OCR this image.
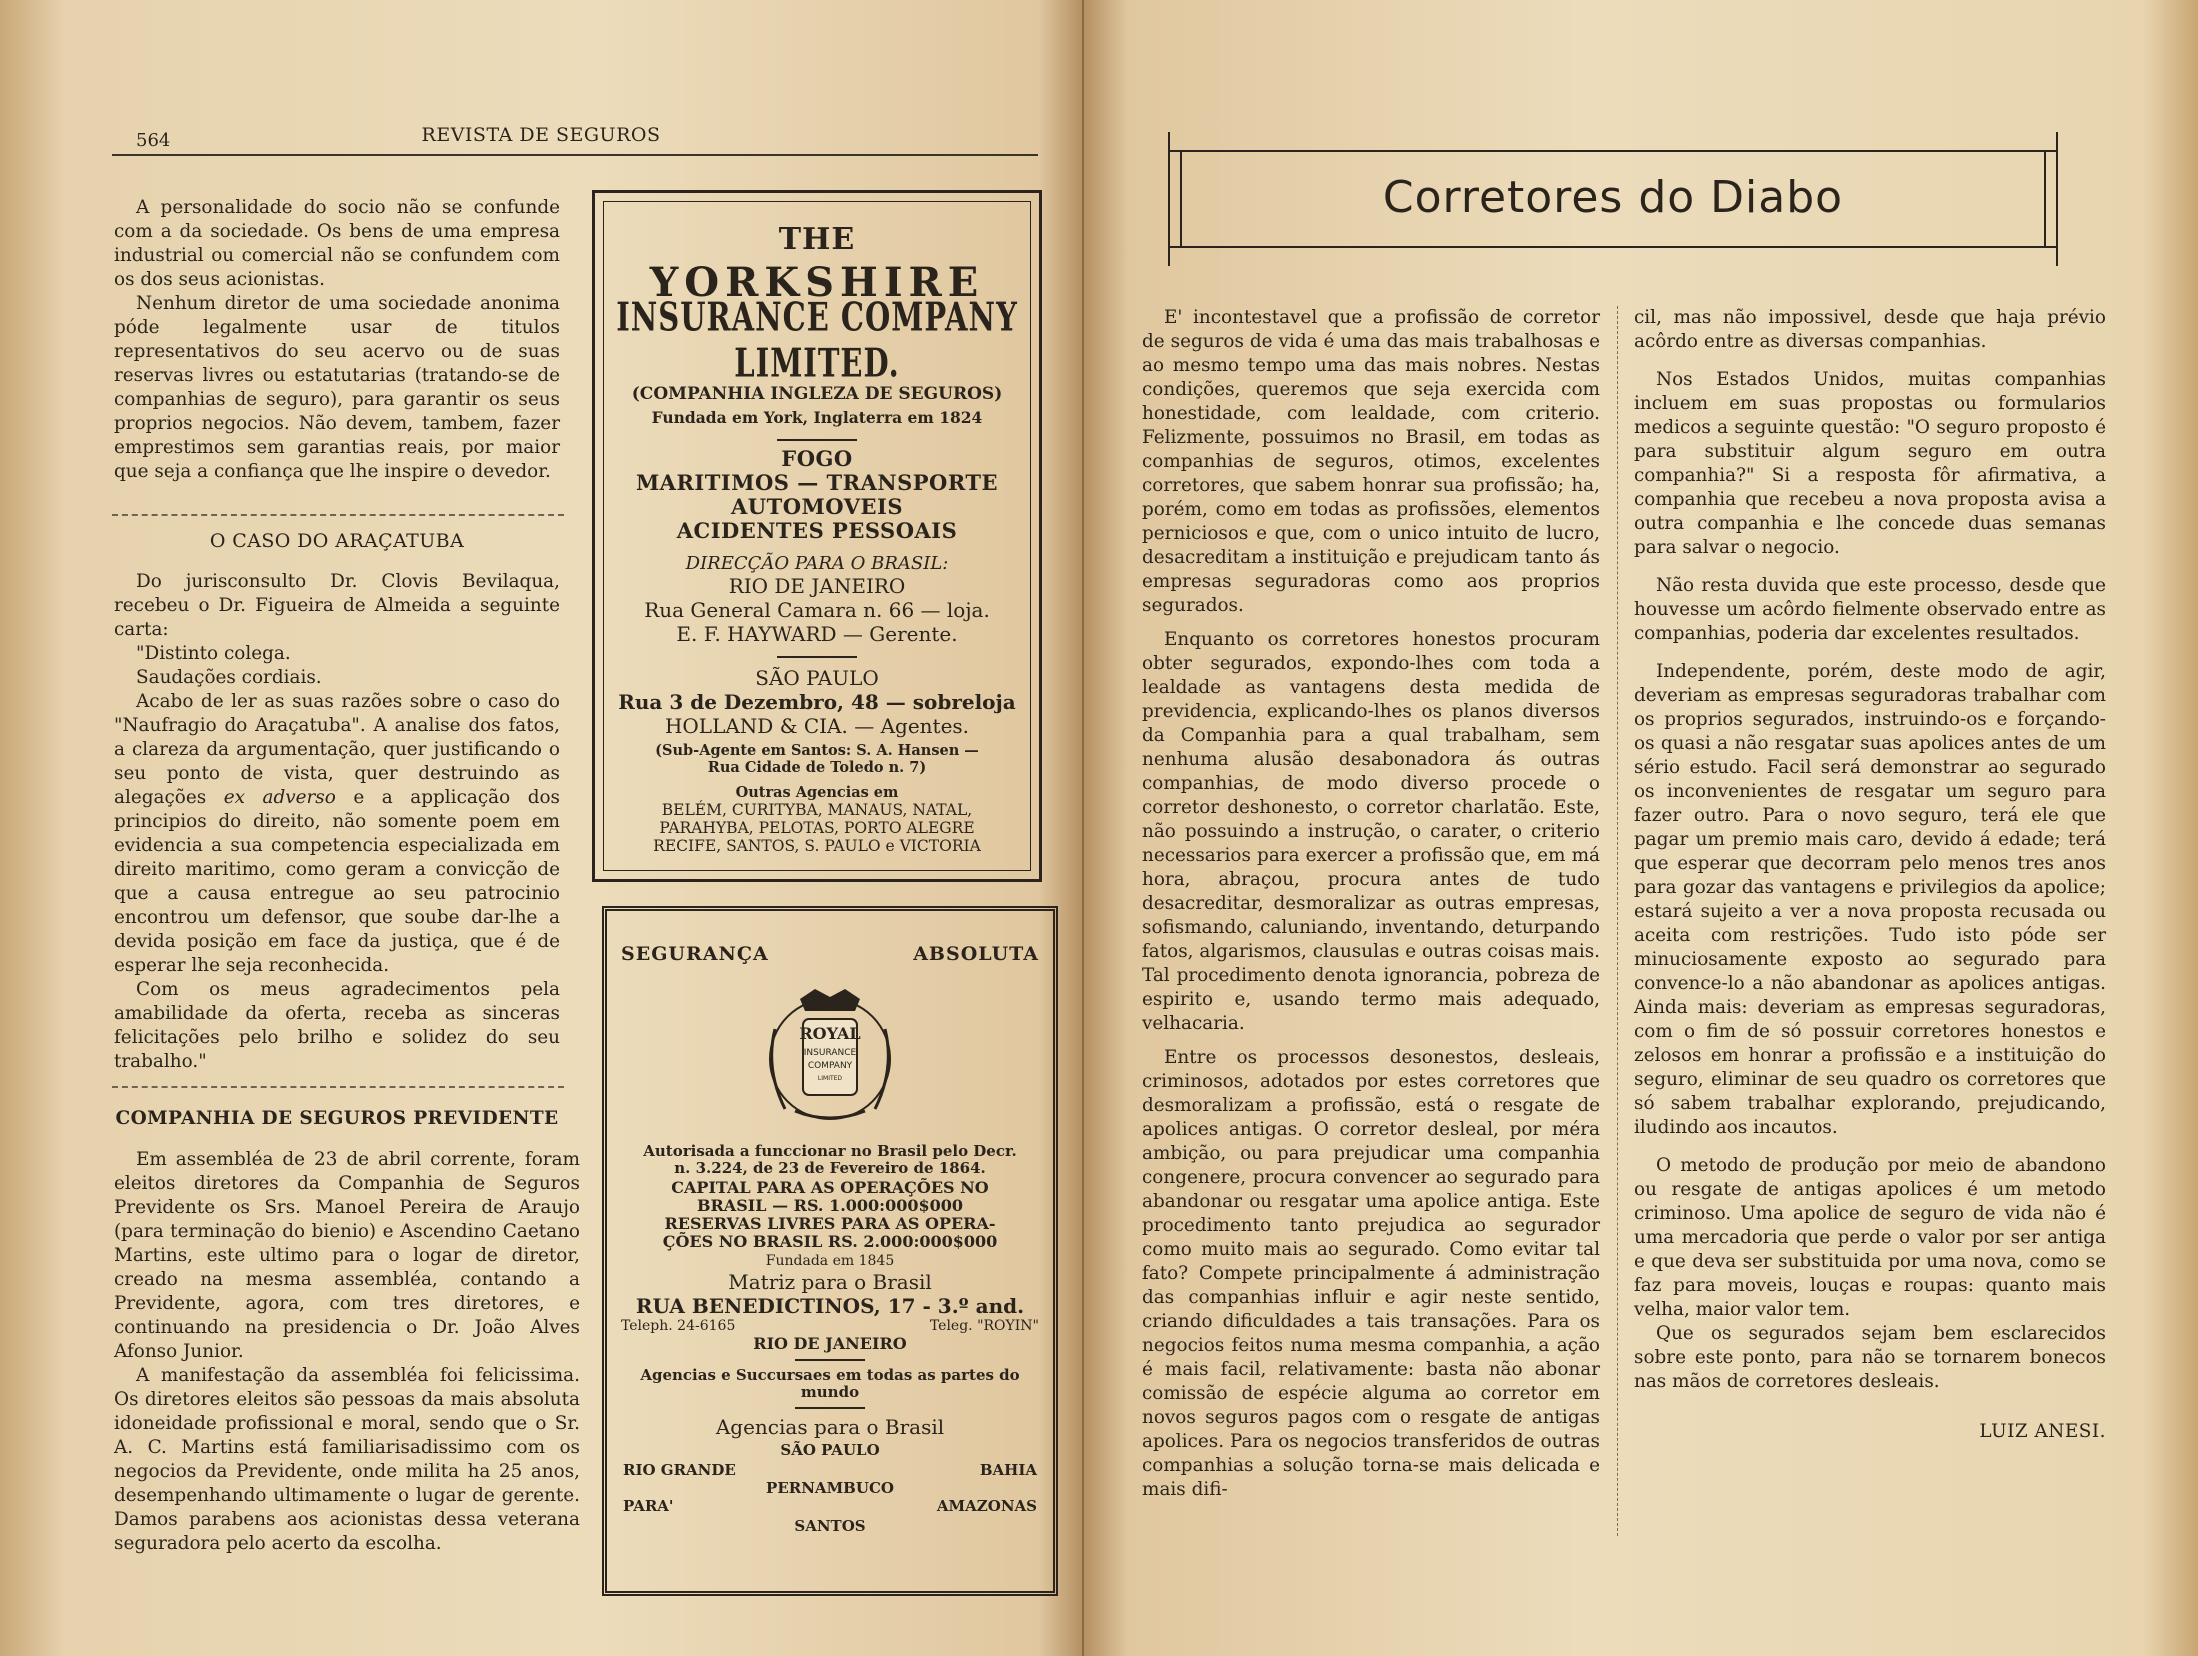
564	REVISTA DE SEGUROS

A personalidade do socio não se confunde com a da sociedade. Os bens de uma empresa industrial ou comercial não se confundem com os dos seus acionistas.

Nenhum diretor de uma sociedade anonima póde legalmente usar de titulos representativos do seu acervo ou de suas reservas livres ou estatutarias (tratando-se de companhias de seguro), para garantir os seus proprios negocios. Não devem, tambem, fazer emprestimos sem garantias reais, por maior que seja a confiança que lhe inspire o devedor.

O CASO DO ARAÇATUBA

Do jurisconsulto Dr. Clovis Bevilaqua, recebeu o Dr. Figueira de Almeida a seguinte carta:

"Distinto colega.

Saudações cordiais.

Acabo de ler as suas razões sobre o caso do "Naufragio do Araçatuba". A analise dos fatos, a clareza da argumentação, quer justificando o seu ponto de vista, quer destruindo as alegações ex adverso e a applicação dos principios do direito, não somente poem em evidencia a sua competencia especializada em direito maritimo, como geram a convicção de que a causa entregue ao seu patrocinio encontrou um defensor, que soube dar-lhe a devida posição em face da justiça, que é de esperar lhe seja reconhecida.

Com os meus agradecimentos pela amabilidade da oferta, receba as sinceras felicitações pelo brilho e solidez do seu trabalho."

COMPANHIA DE SEGUROS PREVIDENTE

Em assembléa de 23 de abril corrente, foram eleitos diretores da Companhia de Seguros Previdente os Srs. Manoel Pereira de Araujo (para terminação do bienio) e Ascendino Caetano Martins, este ultimo para o logar de diretor, creado na mesma assembléa, contando a Previdente, agora, com tres diretores, e continuando na presidencia o Dr. João Alves Afonso Junior.

A manifestação da assembléa foi felicissima. Os diretores eleitos são pessoas da mais absoluta idoneidade profissional e moral, sendo que o Sr. A. C. Martins está familiarisadissimo com os negocios da Previdente, onde milita ha 25 anos, desempenhando ultimamente o lugar de gerente. Damos parabens aos acionistas dessa veterana seguradora pelo acerto da escolha.

THE
YORKSHIRE
INSURANCE COMPANY LIMITED.
(COMPANHIA INGLEZA DE SEGUROS)
Fundada em York, Inglaterra em 1824
FOGO
MARITIMOS — TRANSPORTE
AUTOMOVEIS
ACIDENTES PESSOAIS
DIRECÇÃO PARA O BRASIL:
RIO DE JANEIRO
Rua General Camara n. 66 — loja.
E. F. HAYWARD — Gerente.
SÃO PAULO
Rua 3 de Dezembro, 48 — sobreloja
HOLLAND & CIA. — Agentes.
(Sub-Agente em Santos: S. A. Hansen —
Rua Cidade de Toledo n. 7)
Outras Agencias em
BELÉM, CURITYBA, MANAUS, NATAL,
PARAHYBA, PELOTAS, PORTO ALEGRE
RECIFE, SANTOS, S. PAULO e VICTORIA
SEGURANÇA	ABSOLUTA
ROYAL
INSURANCE
COMPANY
LIMITED
Autorisada a funccionar no Brasil pelo Decr.
n. 3.224, de 23 de Fevereiro de 1864.
CAPITAL PARA AS OPERAÇÕES NO
BRASIL — RS. 1.000:000$000
RESERVAS LIVRES PARA AS OPERA-
ÇÕES NO BRASIL RS. 2.000:000$000
Fundada em 1845
Matriz para o Brasil
RUA BENEDICTINOS, 17 - 3.º and.
Teleph. 24-6165	Teleg. "ROYIN"
RIO DE JANEIRO
Agencias e Succursaes em todas as partes do
mundo
Agencias para o Brasil
SÃO PAULO
RIO GRANDE	BAHIA
PERNAMBUCO
PARA'	AMAZONAS
SANTOS
Corretores do Diabo

E' incontestavel que a profissão de corretor de seguros de vida é uma das mais trabalhosas e ao mesmo tempo uma das mais nobres. Nestas condições, queremos que seja exercida com honestidade, com lealdade, com criterio. Felizmente, possuimos no Brasil, em todas as companhias de seguros, otimos, excelentes corretores, que sabem honrar sua profissão; ha, porém, como em todas as profissões, elementos perniciosos e que, com o unico intuito de lucro, desacreditam a instituição e prejudicam tanto ás empresas seguradoras como aos proprios segurados.

Enquanto os corretores honestos procuram obter segurados, expondo-lhes com toda a lealdade as vantagens desta medida de previdencia, explicando-lhes os planos diversos da Companhia para a qual trabalham, sem nenhuma alusão desabonadora ás outras companhias, de modo diverso procede o corretor deshonesto, o corretor charlatão. Este, não possuindo a instrução, o carater, o criterio necessarios para exercer a profissão que, em má hora, abraçou, procura antes de tudo desacreditar, desmoralizar as outras empresas, sofismando, caluniando, inventando, deturpando fatos, algarismos, clausulas e outras coisas mais. Tal procedimento denota ignorancia, pobreza de espirito e, usando termo mais adequado, velhacaria.

Entre os processos desonestos, desleais, criminosos, adotados por estes corretores que desmoralizam a profissão, está o resgate de apolices antigas. O corretor desleal, por méra ambição, ou para prejudicar uma companhia congenere, procura convencer ao segurado para abandonar ou resgatar uma apolice antiga. Este procedimento tanto prejudica ao segurador como muito mais ao segurado. Como evitar tal fato? Compete principalmente á administração das companhias influir e agir neste sentido, criando dificuldades a tais transações. Para os negocios feitos numa mesma companhia, a ação é mais facil, relativamente: basta não abonar comissão de espécie alguma ao corretor em novos seguros pagos com o resgate de antigas apolices. Para os negocios transferidos de outras companhias a solução torna-se mais delicada e mais difi-

cil, mas não impossivel, desde que haja prévio acôrdo entre as diversas companhias.

Nos Estados Unidos, muitas companhias incluem em suas propostas ou formularios medicos a seguinte questão: "O seguro proposto é para substituir algum seguro em outra companhia?" Si a resposta fôr afirmativa, a companhia que recebeu a nova proposta avisa a outra companhia e lhe concede duas semanas para salvar o negocio.

Não resta duvida que este processo, desde que houvesse um acôrdo fielmente observado entre as companhias, poderia dar excelentes resultados.

Independente, porém, deste modo de agir, deveriam as empresas seguradoras trabalhar com os proprios segurados, instruindo-os e forçando-os quasi a não resgatar suas apolices antes de um sério estudo. Facil será demonstrar ao segurado os inconvenientes de resgatar um seguro para fazer outro. Para o novo seguro, terá ele que pagar um premio mais caro, devido á edade; terá que esperar que decorram pelo menos tres anos para gozar das vantagens e privilegios da apolice; estará sujeito a ver a nova proposta recusada ou aceita com restrições. Tudo isto póde ser minuciosamente exposto ao segurado para convence-lo a não abandonar as apolices antigas. Ainda mais: deveriam as empresas seguradoras, com o fim de só possuir corretores honestos e zelosos em honrar a profissão e a instituição do seguro, eliminar de seu quadro os corretores que só sabem trabalhar explorando, prejudicando, iludindo aos incautos.

O metodo de produção por meio de abandono ou resgate de antigas apolices é um metodo criminoso. Uma apolice de seguro de vida não é uma mercadoria que perde o valor por ser antiga e que deva ser substituida por uma nova, como se faz para moveis, louças e roupas: quanto mais velha, maior valor tem.

Que os segurados sejam bem esclarecidos sobre este ponto, para não se tornarem bonecos nas mãos de corretores desleais.

LUIZ ANESI.
